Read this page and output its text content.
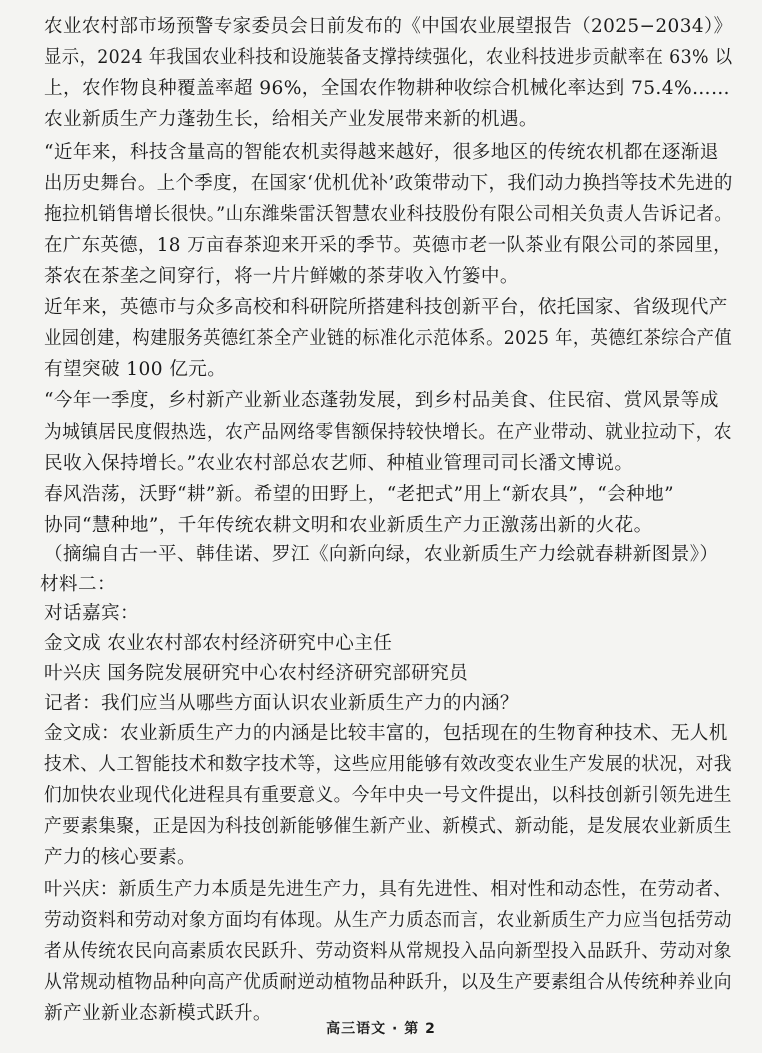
农业农村部市场预警专家委员会日前发布的《中国农业展望报告（2025−2034）》
显示，2024 年我国农业科技和设施装备支撑持续强化，农业科技进步贡献率在 63% 以
上，农作物良种覆盖率超 96%，全国农作物耕种收综合机械化率达到 75.4%……
农业新质生产力蓬勃生长，给相关产业发展带来新的机遇。
“近年来，科技含量高的智能农机卖得越来越好，很多地区的传统农机都在逐渐退
出历史舞台。上个季度，在国家‘优机优补’政策带动下，我们动力换挡等技术先进的
拖拉机销售增长很快。”山东潍柴雷沃智慧农业科技股份有限公司相关负责人告诉记者。
在广东英德，18 万亩春茶迎来开采的季节。英德市老一队茶业有限公司的茶园里，
茶农在茶垄之间穿行，将一片片鲜嫩的茶芽收入竹篓中。
近年来，英德市与众多高校和科研院所搭建科技创新平台，依托国家、省级现代产
业园创建，构建服务英德红茶全产业链的标准化示范体系。2025 年，英德红茶综合产值
有望突破 100 亿元。
“今年一季度，乡村新产业新业态蓬勃发展，到乡村品美食、住民宿、赏风景等成
为城镇居民度假热选，农产品网络零售额保持较快增长。在产业带动、就业拉动下，农
民收入保持增长。”农业农村部总农艺师、种植业管理司司长潘文博说。
春风浩荡，沃野“耕”新。希望的田野上，“老把式”用上“新农具”，“会种地”
协同“慧种地”，千年传统农耕文明和农业新质生产力正激荡出新的火花。
（摘编自古一平、韩佳诺、罗江《向新向绿，农业新质生产力绘就春耕新图景》）
材料二：
对话嘉宾：
金文成 农业农村部农村经济研究中心主任
叶兴庆 国务院发展研究中心农村经济研究部研究员
记者：我们应当从哪些方面认识农业新质生产力的内涵？
金文成：农业新质生产力的内涵是比较丰富的，包括现在的生物育种技术、无人机
技术、人工智能技术和数字技术等，这些应用能够有效改变农业生产发展的状况，对我
们加快农业现代化进程具有重要意义。今年中央一号文件提出，以科技创新引领先进生
产要素集聚，正是因为科技创新能够催生新产业、新模式、新动能，是发展农业新质生
产力的核心要素。
叶兴庆：新质生产力本质是先进生产力，具有先进性、相对性和动态性，在劳动者、
劳动资料和劳动对象方面均有体现。从生产力质态而言，农业新质生产力应当包括劳动
者从传统农民向高素质农民跃升、劳动资料从常规投入品向新型投入品跃升、劳动对象
从常规动植物品种向高产优质耐逆动植物品种跃升，以及生产要素组合从传统种养业向
新产业新业态新模式跃升。
高三语文 · 第 2
